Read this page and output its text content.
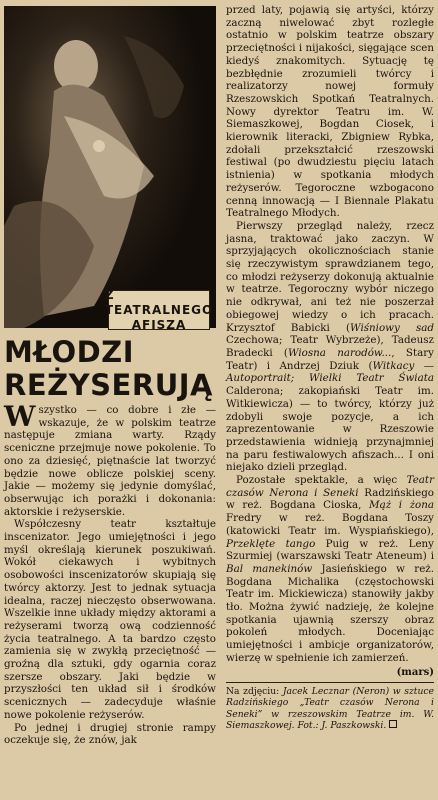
Z TEATRALNEGO
AFISZA
MŁODZI
REŻYSERUJĄ

Wszystko — co dobre i złe — wskazuje, że w polskim teatrze następuje zmiana warty. Rządy sceniczne przejmuje nowe pokolenie. To ono za dziesięć, piętnaście lat tworzyć będzie nowe oblicze polskiej sceny. Jakie — możemy się jedynie domyślać, obserwując ich porażki i dokonania: aktorskie i reżyserskie.

Współczesny teatr kształtuje inscenizator. Jego umiejętności i jego myśl określają kierunek poszukiwań. Wokół ciekawych i wybitnych osobowości inscenizatorów skupiają się twórcy aktorzy. Jest to jednak sytuacja idealna, raczej nieczęsto obserwowana. Wszelkie inne układy między aktorami a reżyserami tworzą ową codzienność życia teatralnego. A ta bardzo często zamienia się w zwykłą przeciętność — groźną dla sztuki, gdy ogarnia coraz szersze obszary. Jaki będzie w przyszłości ten układ sił i środków scenicznych — zadecyduje właśnie nowe pokolenie reżyserów.

Po jednej i drugiej stronie rampy oczekuje się, że znów, jak

przed laty, pojawią się artyści, którzy zaczną niwelować zbyt rozległe ostatnio w polskim teatrze obszary przeciętności i nijakości, sięgające scen kiedyś znakomitych. Sytuację tę bezbłędnie zrozumieli twórcy i realizatorzy nowej formuły Rzeszowskich Spotkań Teatralnych. Nowy dyrektor Teatru im. W. Siemaszkowej, Bogdan Ciosek, i kierownik literacki, Zbigniew Rybka, zdołali przekształcić rzeszowski festiwal (po dwudziestu pięciu latach istnienia) w spotkania młodych reżyserów. Tegoroczne wzbogacono cenną innowacją — I Biennale Plakatu Teatralnego Młodych.

Pierwszy przegląd należy, rzecz jasna, traktować jako zaczyn. W sprzyjających okolicznościach stanie się rzeczywistym sprawdzianem tego, co młodzi reżyserzy dokonują aktualnie w teatrze. Tegoroczny wybór niczego nie odkrywał, ani też nie poszerzał obiegowej wiedzy o ich pracach. Krzysztof Babicki (Wiśniowy sad Czechowa; Teatr Wybrzeże), Tadeusz Bradecki (Wiosna narodów..., Stary Teatr) i Andrzej Dziuk (Witkacy — Autoportrait; Wielki Teatr Świata Calderona; zakopiański Teatr im. Witkiewicza) — to twórcy, którzy już zdobyli swoje pozycje, a ich zaprezentowanie w Rzeszowie przedstawienia widnieją przynajmniej na paru festiwalowych afiszach... I oni niejako dzieli przegląd.

Pozostałe spektakle, a więc Teatr czasów Nerona i Seneki Radzińskiego w reż. Bogdana Cioska, Mąż i żona Fredry w reż. Bogdana Toszy (katowicki Teatr im. Wyspiańskiego), Przeklęte tango Puig w reż. Leny Szurmiej (warszawski Teatr Ateneum) i Bal manekinów Jasieńskiego w reż. Bogdana Michalika (częstochowski Teatr im. Mickiewicza) stanowiły jakby tło. Można żywić nadzieję, że kolejne spotkania ujawnią szerszy obraz pokoleń młodych. Doceniając umiejętności i ambicje organizatorów, wierzę w spełnienie ich zamierzeń.

(mars)
Na zdjęciu: Jacek Lecznar (Neron) w sztuce Radzińskiego „Teatr czasów Nerona i Seneki” w rzeszowskim Teatrze im. W. Siemaszkowej. Fot.: J. Paszkowski.
